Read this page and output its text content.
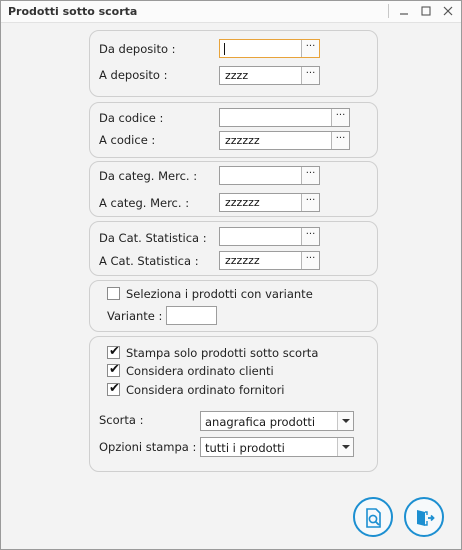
Prodotti sotto scorta
Da deposito :	···
A deposito :	zzzz	···
Da codice :	···
A codice :	zzzzzz	···
Da categ. Merc. :	···
A categ. Merc. :	zzzzzz	···
Da Cat. Statistica :	···
A Cat. Statistica : zzzzzz	···
Seleziona i prodotti con variante
Variante :
✔ Stampa solo prodotti sotto scorta
✔ Considera ordinato clienti
✔ Considera ordinato fornitori
Scorta :	anagrafica prodotti
Opzioni stampa : tutti i prodotti
